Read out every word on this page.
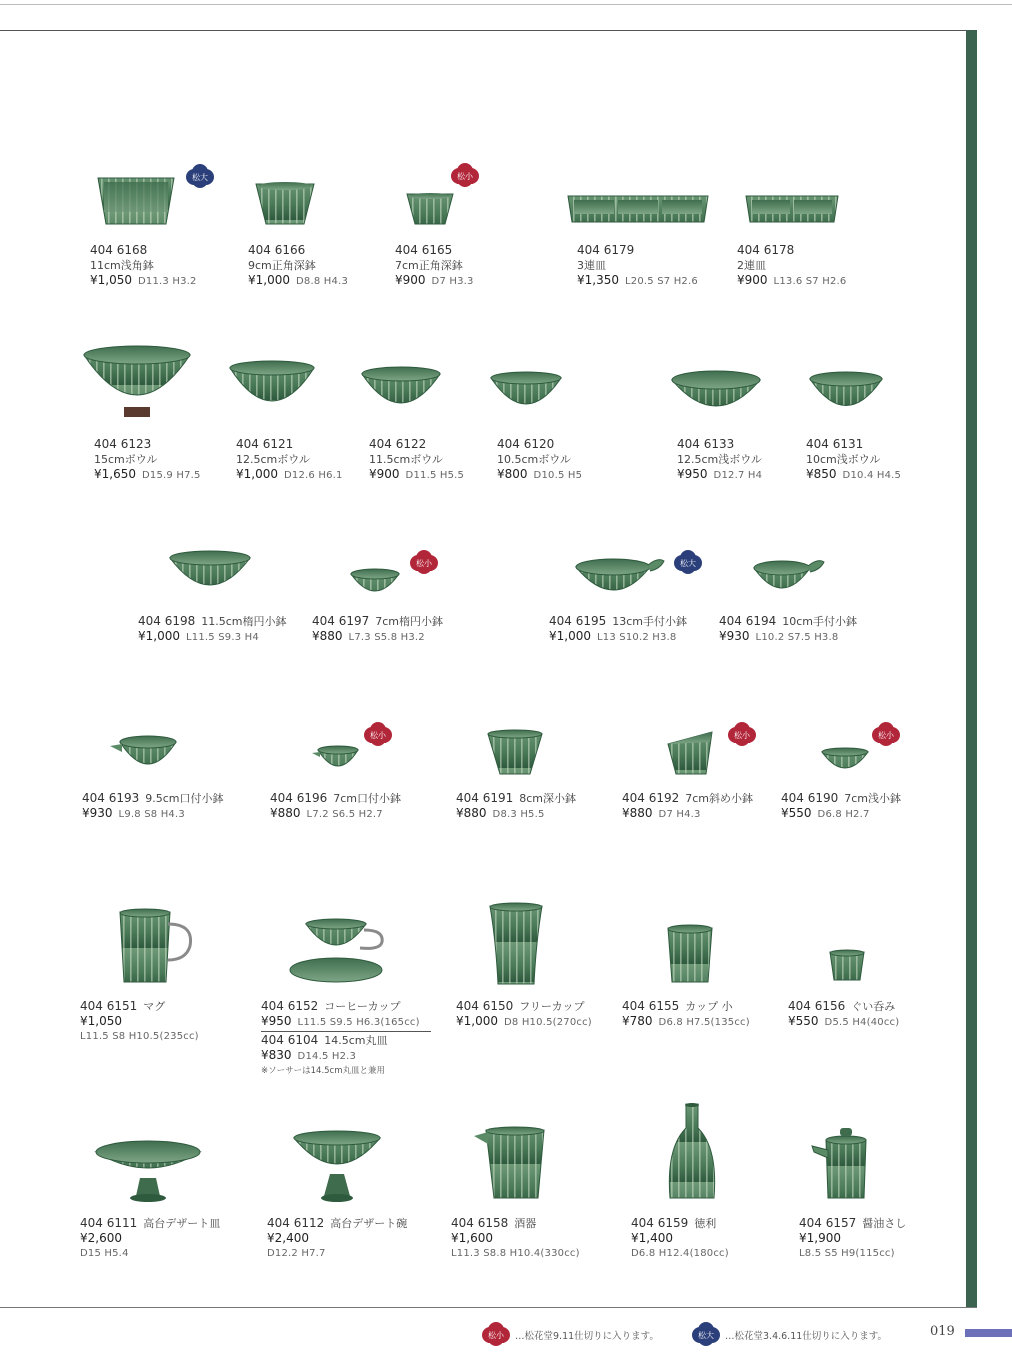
松大	松小
404 6168
11cm浅角鉢
¥1,050 D11.3 H3.2
404 6166
9cm正角深鉢
¥1,000 D8.8 H4.3
404 6165
7cm正角深鉢
¥900 D7 H3.3
404 6179
3連皿
¥1,350 L20.5 S7 H2.6
404 6178
2連皿
¥900 L13.6 S7 H2.6
404 6123
15cmボウル
¥1,650 D15.9 H7.5
404 6121
12.5cmボウル
¥1,000 D12.6 H6.1
404 6122
11.5cmボウル
¥900 D11.5 H5.5
404 6120
10.5cmボウル
¥800 D10.5 H5
404 6133
12.5cm浅ボウル
¥950 D12.7 H4
404 6131
10cm浅ボウル
¥850 D10.4 H4.5
松小	松大
404 6198 11.5cm楕円小鉢
¥1,000 L11.5 S9.3 H4
404 6197 7cm楕円小鉢
¥880 L7.3 S5.8 H3.2
404 6195 13cm手付小鉢
¥1,000 L13 S10.2 H3.8
404 6194 10cm手付小鉢
¥930 L10.2 S7.5 H3.8
松小	松小	松小
404 6193 9.5cm口付小鉢
¥930 L9.8 S8 H4.3
404 6196 7cm口付小鉢
¥880 L7.2 S6.5 H2.7
404 6191 8cm深小鉢
¥880 D8.3 H5.5
404 6192 7cm斜め小鉢
¥880 D7 H4.3
404 6190 7cm浅小鉢
¥550 D6.8 H2.7
404 6151 マグ
¥1,050
L11.5 S8 H10.5(235cc)
404 6152 コーヒーカップ
¥950 L11.5 S9.5 H6.3(165cc)
404 6104 14.5cm丸皿
¥830 D14.5 H2.3
※ソーサーは14.5cm丸皿と兼用
404 6150 フリーカップ
¥1,000 D8 H10.5(270cc)
404 6155 カップ 小
¥780 D6.8 H7.5(135cc)
404 6156 ぐい呑み
¥550 D5.5 H4(40cc)
404 6111 高台デザート皿
¥2,600
D15 H5.4
404 6112 高台デザート碗
¥2,400
D12.2 H7.7
404 6158 酒器
¥1,600
L11.3 S8.8 H10.4(330cc)
404 6159 徳利
¥1,400
D6.8 H12.4(180cc)
404 6157 醤油さし
¥1,900
L8.5 S5 H9(115cc)
松小 …松花堂9.11仕切りに入ります。	松大 …松花堂3.4.6.11仕切りに入ります。	019
